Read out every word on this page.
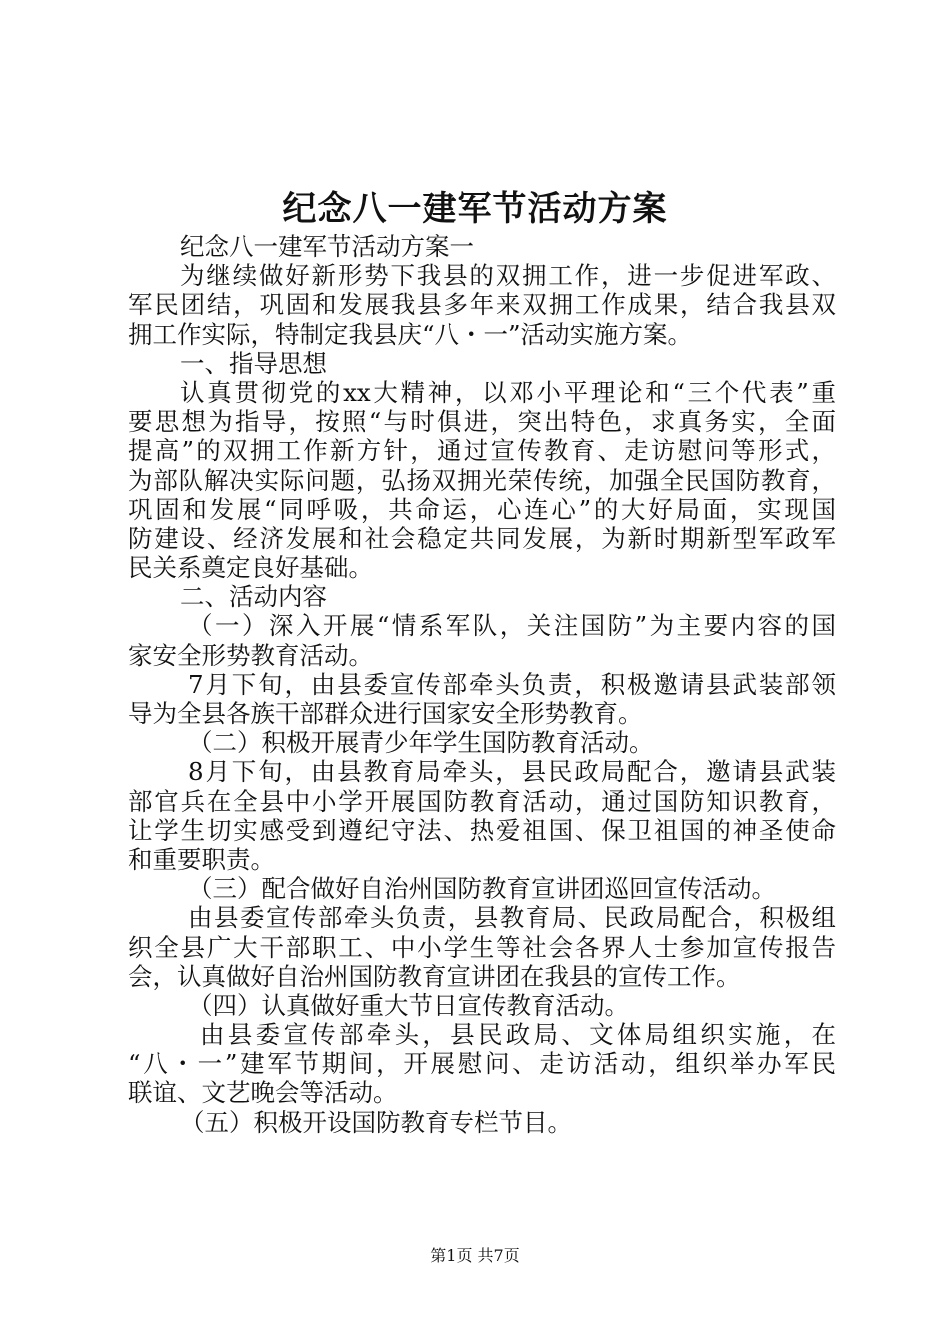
纪念八一建军节活动方案
纪念八一建军节活动方案一
为继续做好新形势下我县的双拥工作，进一步促进军政、
军民团结，巩固和发展我县多年来双拥工作成果，结合我县双
拥工作实际，特制定我县庆“八・一”活动实施方案。
一、指导思想
认真贯彻党的xx大精神，以邓小平理论和“三个代表”重
要思想为指导，按照“与时俱进，突出特色，求真务实，全面
提高”的双拥工作新方针，通过宣传教育、走访慰问等形式，
为部队解决实际问题，弘扬双拥光荣传统，加强全民国防教育，
巩固和发展“同呼吸，共命运，心连心”的大好局面，实现国
防建设、经济发展和社会稳定共同发展，为新时期新型军政军
民关系奠定良好基础。
二、活动内容
（一）深入开展“情系军队，关注国防”为主要内容的国
家安全形势教育活动。
7月下旬，由县委宣传部牵头负责，积极邀请县武装部领
导为全县各族干部群众进行国家安全形势教育。
（二）积极开展青少年学生国防教育活动。
8月下旬，由县教育局牵头，县民政局配合，邀请县武装
部官兵在全县中小学开展国防教育活动，通过国防知识教育，
让学生切实感受到遵纪守法、热爱祖国、保卫祖国的神圣使命
和重要职责。
（三）配合做好自治州国防教育宣讲团巡回宣传活动。
由县委宣传部牵头负责，县教育局、民政局配合，积极组
织全县广大干部职工、中小学生等社会各界人士参加宣传报告
会，认真做好自治州国防教育宣讲团在我县的宣传工作。
（四）认真做好重大节日宣传教育活动。
由县委宣传部牵头，县民政局、文体局组织实施，在
“八・一”建军节期间，开展慰问、走访活动，组织举办军民
联谊、文艺晚会等活动。
（五）积极开设国防教育专栏节目。
第1页 共7页
